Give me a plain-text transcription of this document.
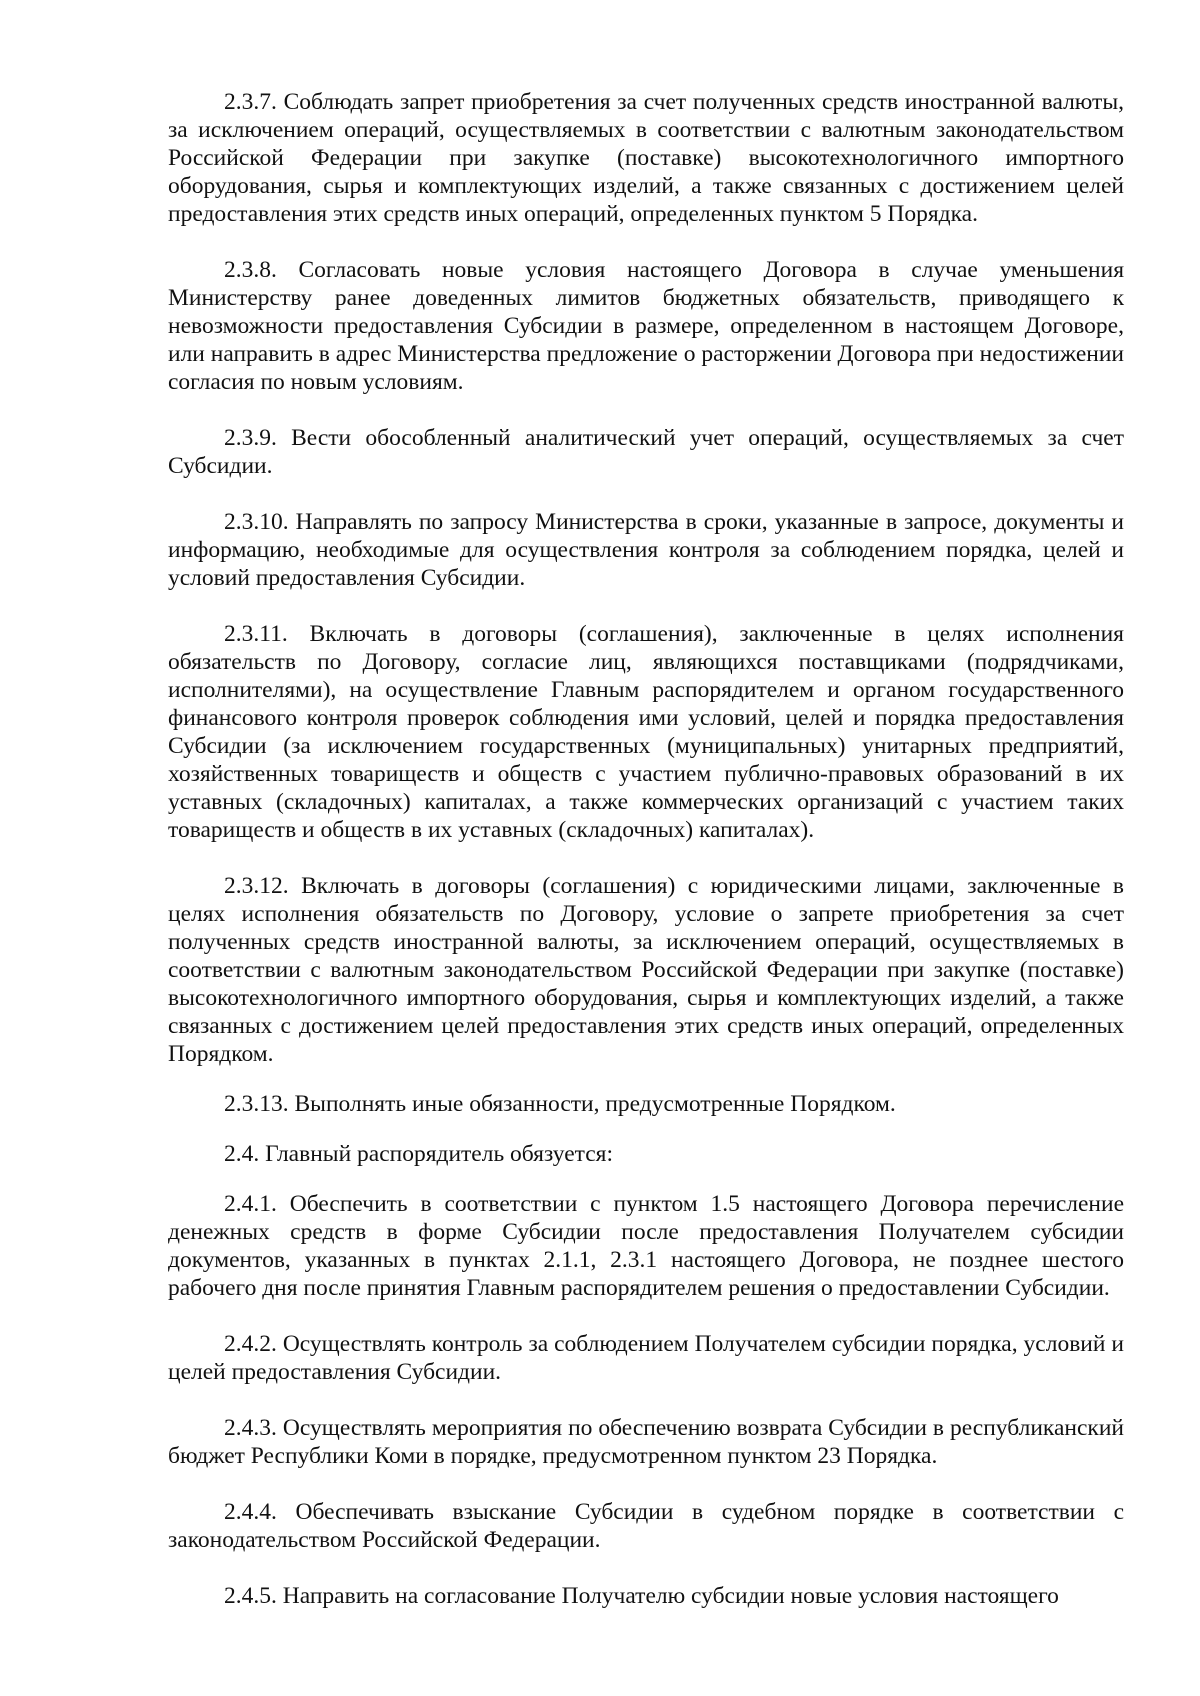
2.3.7. Соблюдать запрет приобретения за счет полученных средств иностранной валюты, за исключением операций, осуществляемых в соответствии с валютным законодательством Российской Федерации при закупке (поставке) высокотехнологичного импортного оборудования, сырья и комплектующих изделий, а также связанных с достижением целей предоставления этих средств иных операций, определенных пунктом 5 Порядка.

2.3.8. Согласовать новые условия настоящего Договора в случае уменьшения Министерству ранее доведенных лимитов бюджетных обязательств, приводящего к невозможности предоставления Субсидии в размере, определенном в настоящем Договоре, или направить в адрес Министерства предложение о расторжении Договора при недостижении согласия по новым условиям.

2.3.9. Вести обособленный аналитический учет операций, осуществляемых за счет Субсидии.

2.3.10. Направлять по запросу Министерства в сроки, указанные в запросе, документы и информацию, необходимые для осуществления контроля за соблюдением порядка, целей и условий предоставления Субсидии.

2.3.11. Включать в договоры (соглашения), заключенные в целях исполнения обязательств по Договору, согласие лиц, являющихся поставщиками (подрядчиками, исполнителями), на осуществление Главным распорядителем и органом государственного финансового контроля проверок соблюдения ими условий, целей и порядка предоставления Субсидии (за исключением государственных (муниципальных) унитарных предприятий, хозяйственных товариществ и обществ с участием публично-правовых образований в их уставных (складочных) капиталах, а также коммерческих организаций с участием таких товариществ и обществ в их уставных (складочных) капиталах).

2.3.12. Включать в договоры (соглашения) с юридическими лицами, заключенные в целях исполнения обязательств по Договору, условие о запрете приобретения за счет полученных средств иностранной валюты, за исключением операций, осуществляемых в соответствии с валютным законодательством Российской Федерации при закупке (поставке) высокотехнологичного импортного оборудования, сырья и комплектующих изделий, а также связанных с достижением целей предоставления этих средств иных операций, определенных Порядком.

2.3.13. Выполнять иные обязанности, предусмотренные Порядком.

2.4. Главный распорядитель обязуется:

2.4.1. Обеспечить в соответствии с пунктом 1.5 настоящего Договора перечисление денежных средств в форме Субсидии после предоставления Получателем субсидии документов, указанных в пунктах 2.1.1, 2.3.1 настоящего Договора, не позднее шестого рабочего дня после принятия Главным распорядителем решения о предоставлении Субсидии.

2.4.2. Осуществлять контроль за соблюдением Получателем субсидии порядка, условий и целей предоставления Субсидии.

2.4.3. Осуществлять мероприятия по обеспечению возврата Субсидии в республиканский бюджет Республики Коми в порядке, предусмотренном пунктом 23 Порядка.

2.4.4. Обеспечивать взыскание Субсидии в судебном порядке в соответствии с законодательством Российской Федерации.

2.4.5. Направить на согласование Получателю субсидии новые условия настоящего
